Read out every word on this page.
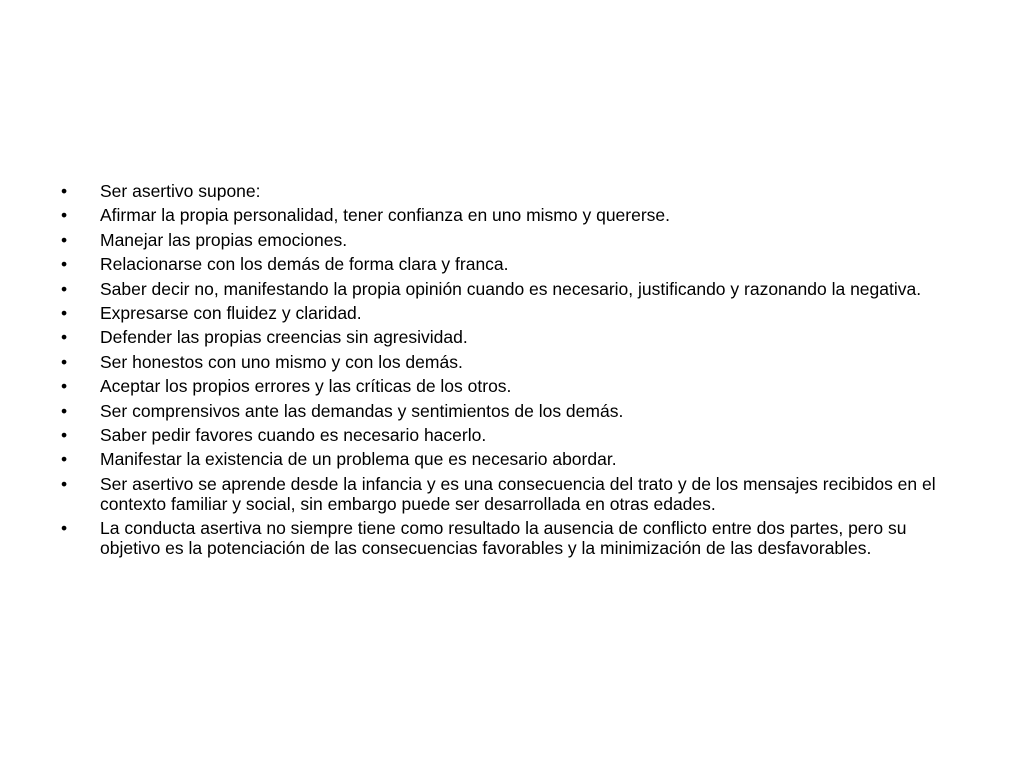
•	Ser asertivo supone:
•	Afirmar la propia personalidad, tener confianza en uno mismo y quererse.
•	Manejar las propias emociones.
•	Relacionarse con los demás de forma clara y franca.
•	Saber decir no, manifestando la propia opinión cuando es necesario, justificando y razonando la negativa.
•	Expresarse con fluidez y claridad.
•	Defender las propias creencias sin agresividad.
•	Ser honestos con uno mismo y con los demás.
•	Aceptar los propios errores y las críticas de los otros.
•	Ser comprensivos ante las demandas y sentimientos de los demás.
•	Saber pedir favores cuando es necesario hacerlo.
•	Manifestar la existencia de un problema que es necesario abordar.
•	Ser asertivo se aprende desde la infancia y es una consecuencia del trato y de los mensajes recibidos en el contexto familiar y social, sin embargo puede ser desarrollada en otras edades.
•	La conducta asertiva no siempre tiene como resultado la ausencia de conflicto entre dos partes, pero su objetivo es la potenciación de las consecuencias favorables y la minimización de las desfavorables.
